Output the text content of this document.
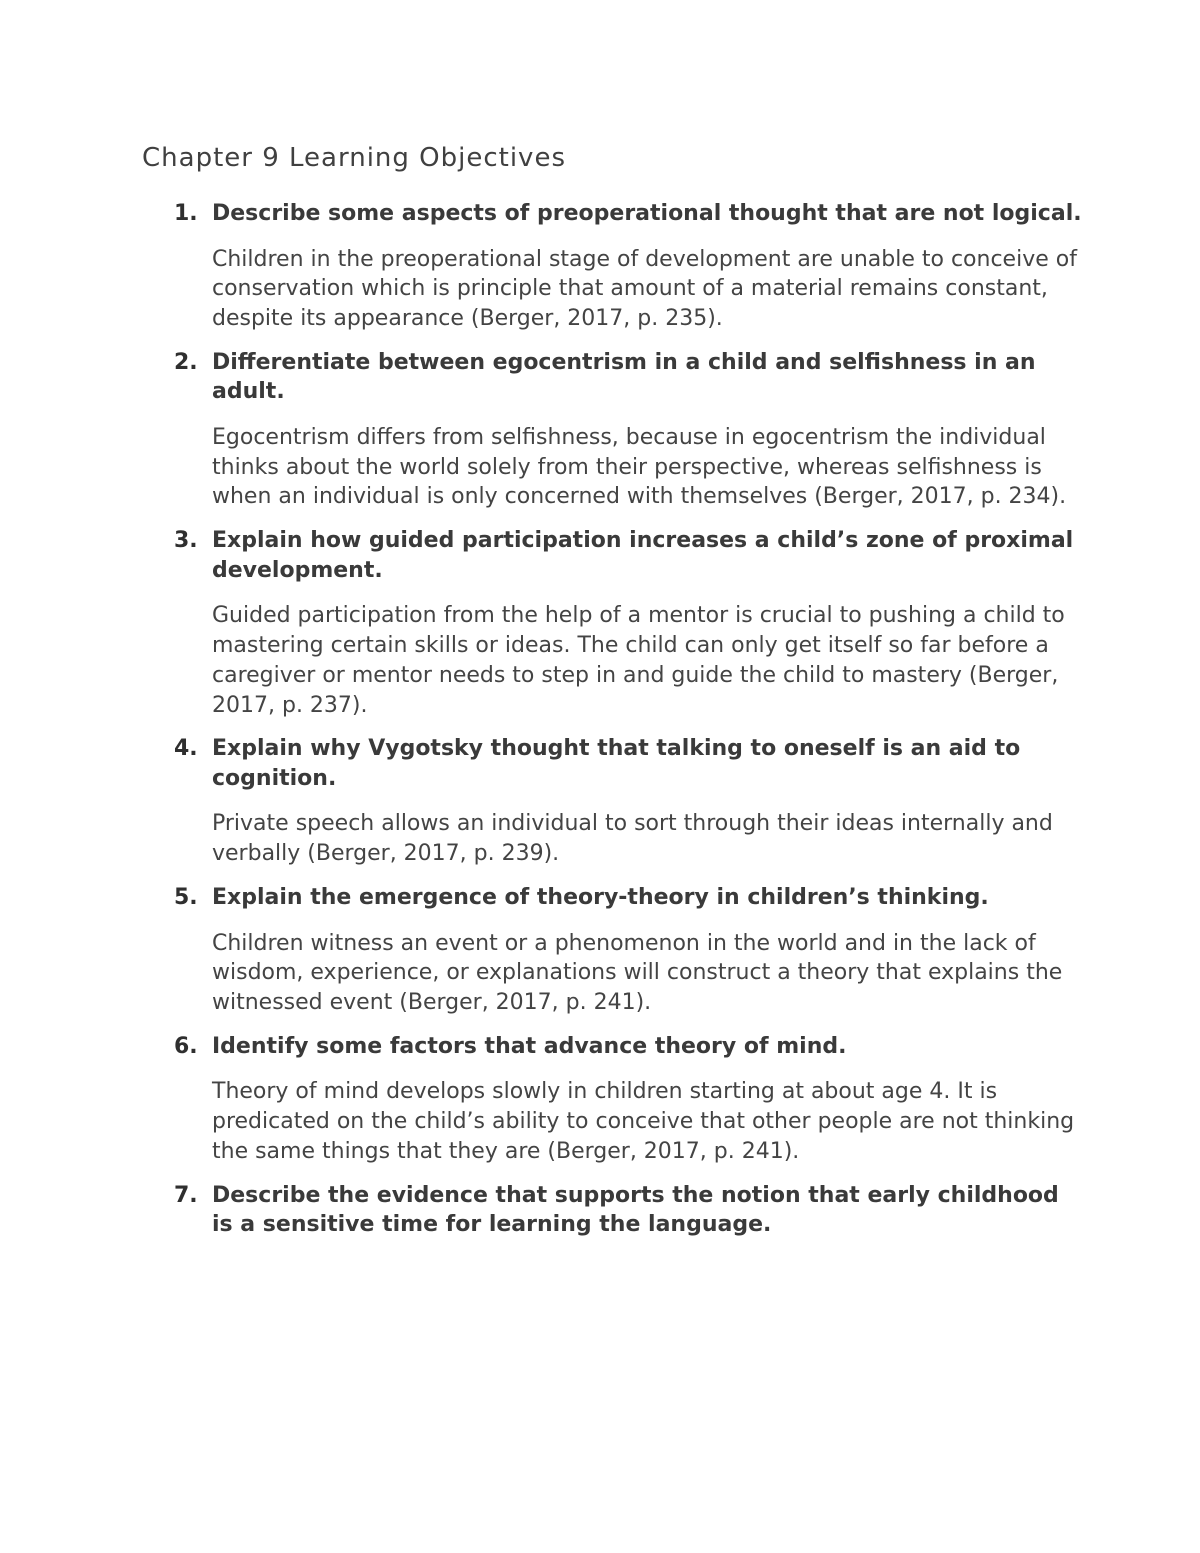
Chapter 9 Learning Objectives
1. Describe some aspects of preoperational thought that are not logical.

Children in the preoperational stage of development are unable to conceive of conservation which is principle that amount of a material remains constant, despite its appearance (Berger, 2017, p. 235).

2. Differentiate between egocentrism in a child and selfishness in an adult.

Egocentrism differs from selfishness, because in egocentrism the individual thinks about the world solely from their perspective, whereas selfishness is when an individual is only concerned with themselves (Berger, 2017, p. 234).

3. Explain how guided participation increases a child’s zone of proximal development.

Guided participation from the help of a mentor is crucial to pushing a child to mastering certain skills or ideas. The child can only get itself so far before a caregiver or mentor needs to step in and guide the child to mastery (Berger, 2017, p. 237).

4. Explain why Vygotsky thought that talking to oneself is an aid to cognition.

Private speech allows an individual to sort through their ideas internally and verbally (Berger, 2017, p. 239).

5. Explain the emergence of theory-theory in children’s thinking.

Children witness an event or a phenomenon in the world and in the lack of wisdom, experience, or explanations will construct a theory that explains the witnessed event (Berger, 2017, p. 241).

6. Identify some factors that advance theory of mind.

Theory of mind develops slowly in children starting at about age 4. It is predicated on the child’s ability to conceive that other people are not thinking the same things that they are (Berger, 2017, p. 241).

7. Describe the evidence that supports the notion that early childhood is a sensitive time for learning the language.
